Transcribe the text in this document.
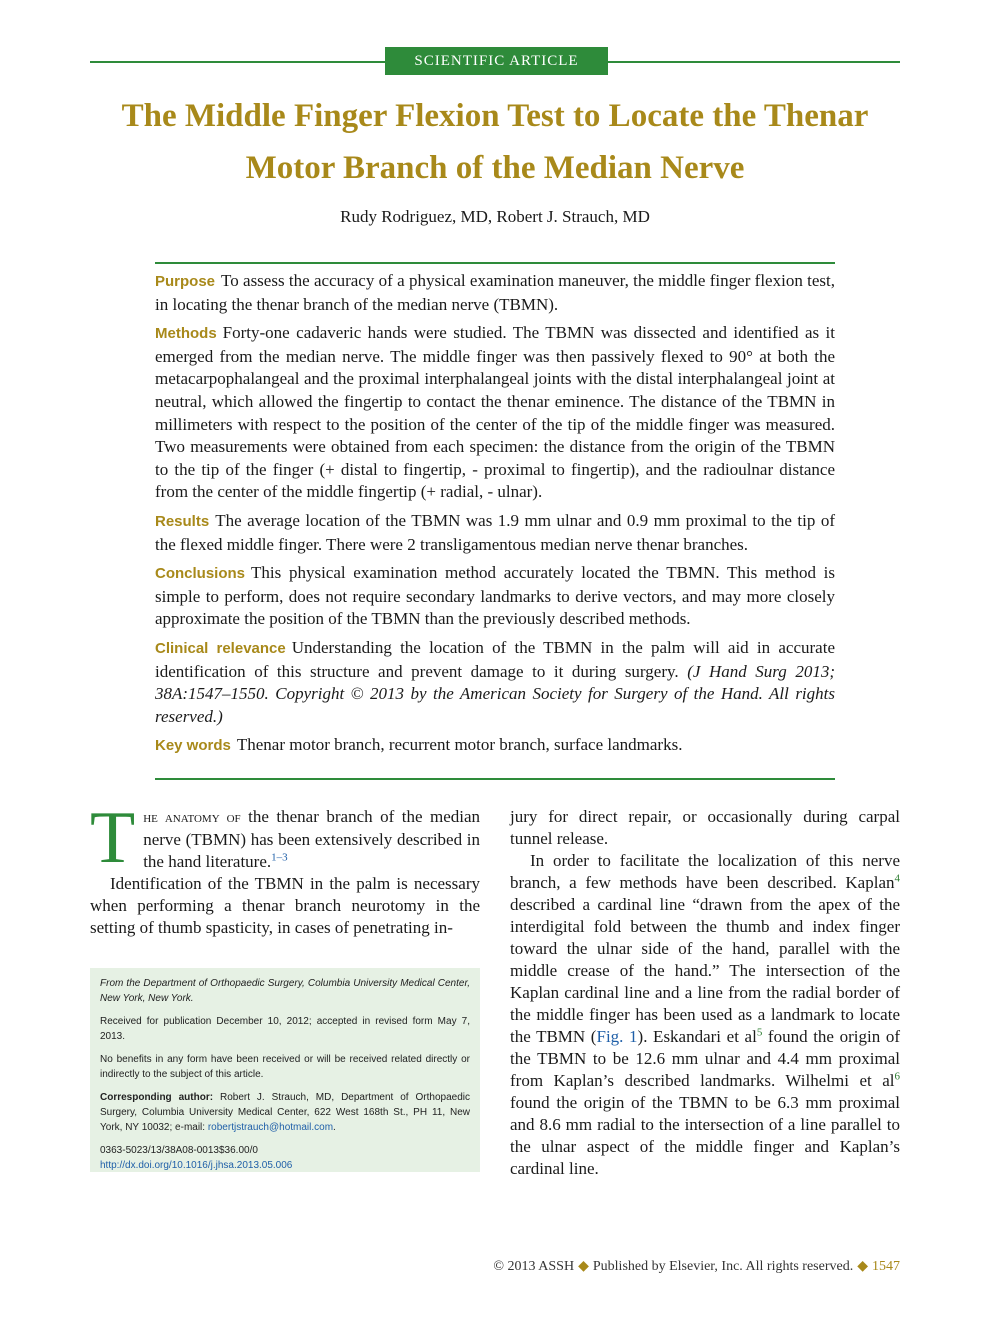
SCIENTIFIC ARTICLE
The Middle Finger Flexion Test to Locate the Thenar Motor Branch of the Median Nerve

Rudy Rodriguez, MD, Robert J. Strauch, MD

Purpose To assess the accuracy of a physical examination maneuver, the middle finger flexion test, in locating the thenar branch of the median nerve (TBMN).

Methods Forty-one cadaveric hands were studied. The TBMN was dissected and identified as it emerged from the median nerve. The middle finger was then passively flexed to 90° at both the metacarpophalangeal and the proximal interphalangeal joints with the distal interphalangeal joint at neutral, which allowed the fingertip to contact the thenar eminence. The distance of the TBMN in millimeters with respect to the position of the center of the tip of the middle finger was measured. Two measurements were obtained from each specimen: the distance from the origin of the TBMN to the tip of the finger (+ distal to fingertip, - proximal to fingertip), and the radioulnar distance from the center of the middle fingertip (+ radial, - ulnar).

Results The average location of the TBMN was 1.9 mm ulnar and 0.9 mm proximal to the tip of the flexed middle finger. There were 2 transligamentous median nerve thenar branches.

Conclusions This physical examination method accurately located the TBMN. This method is simple to perform, does not require secondary landmarks to derive vectors, and may more closely approximate the position of the TBMN than the previously described methods.

Clinical relevance Understanding the location of the TBMN in the palm will aid in accurate identification of this structure and prevent damage to it during surgery. (J Hand Surg 2013; 38A:1547–1550. Copyright © 2013 by the American Society for Surgery of the Hand. All rights reserved.)

Key words Thenar motor branch, recurrent motor branch, surface landmarks.

The anatomy of the thenar branch of the median nerve (TBMN) has been extensively described in the hand literature.$^{1-3}$

Identification of the TBMN in the palm is necessary when performing a thenar branch neurotomy in the setting of thumb spasticity, in cases of penetrating in-

From the Department of Orthopaedic Surgery, Columbia University Medical Center, New York, New York.

Received for publication December 10, 2012; accepted in revised form May 7, 2013.

No benefits in any form have been received or will be received related directly or indirectly to the subject of this article.

Corresponding author: Robert J. Strauch, MD, Department of Orthopaedic Surgery, Columbia University Medical Center, 622 West 168th St., PH 11, New York, NY 10032; e-mail: robertjstrauch@hotmail.com.

0363-5023/13/38A08-0013$36.00/0

http://dx.doi.org/10.1016/j.jhsa.2013.05.006

jury for direct repair, or occasionally during carpal tunnel release.

In order to facilitate the localization of this nerve branch, a few methods have been described. Kaplan$^4$ described a cardinal line “drawn from the apex of the interdigital fold between the thumb and index finger toward the ulnar side of the hand, parallel with the middle crease of the hand.” The intersection of the Kaplan cardinal line and a line from the radial border of the middle finger has been used as a landmark to locate the TBMN (Fig. 1). Eskandari et $al^5$ found the origin of the TBMN to be 12.6 mm ulnar and 4.4 mm proximal from Kaplan’s described landmarks. Wilhelmi et $al^6$ found the origin of the TBMN to be 6.3 mm proximal and 8.6 mm radial to the intersection of a line parallel to the ulnar aspect of the middle finger and Kaplan’s cardinal line.

© 2013 ASSH ◆ Published by Elsevier, Inc. All rights reserved. ◆ 1547
